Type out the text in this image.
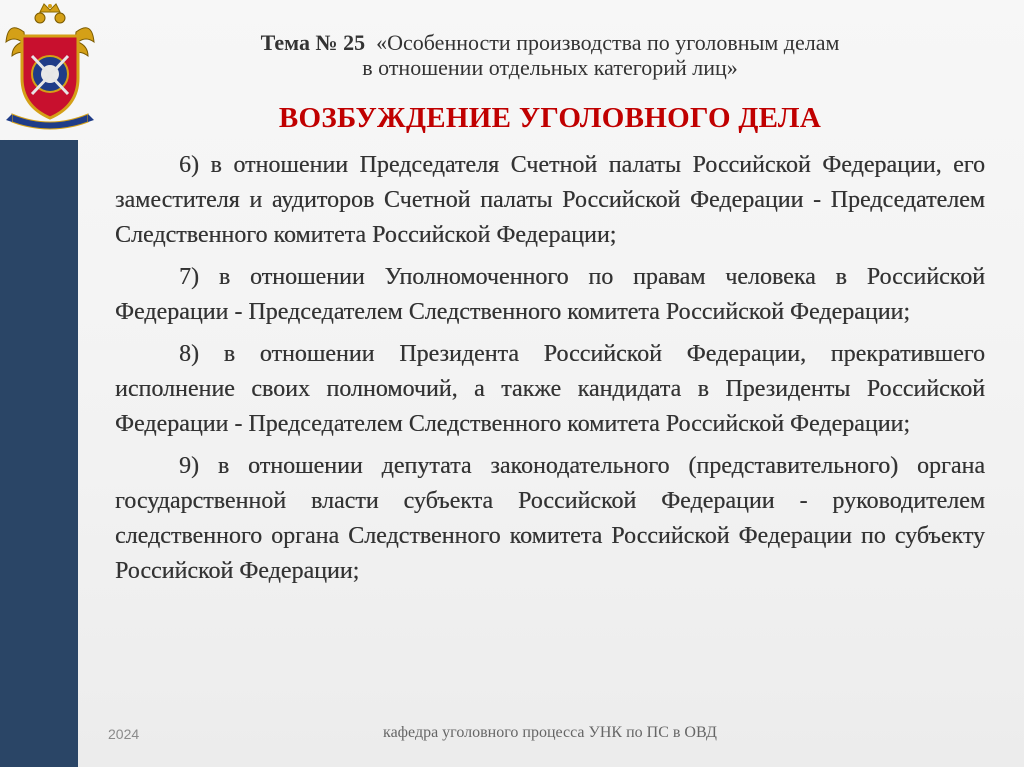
Тема № 25 «Особенности производства по уголовным делам
в отношении отдельных категорий лиц»
ВОЗБУЖДЕНИЕ УГОЛОВНОГО ДЕЛА

6) в отношении Председателя Счетной палаты Российской Федерации, его заместителя и аудиторов Счетной палаты Российской Федерации - Председателем Следственного комитета Российской Федерации;

7) в отношении Уполномоченного по правам человека в Российской Федерации - Председателем Следственного комитета Российской Федерации;

8) в отношении Президента Российской Федерации, прекратившего исполнение своих полномочий, а также кандидата в Президенты Российской Федерации - Председателем Следственного комитета Российской Федерации;

9) в отношении депутата законодательного (представительного) органа государственной власти субъекта Российской Федерации - руководителем следственного органа Следственного комитета Российской Федерации по субъекту Российской Федерации;

2024	кафедра уголовного процесса УНК по ПС в ОВД
